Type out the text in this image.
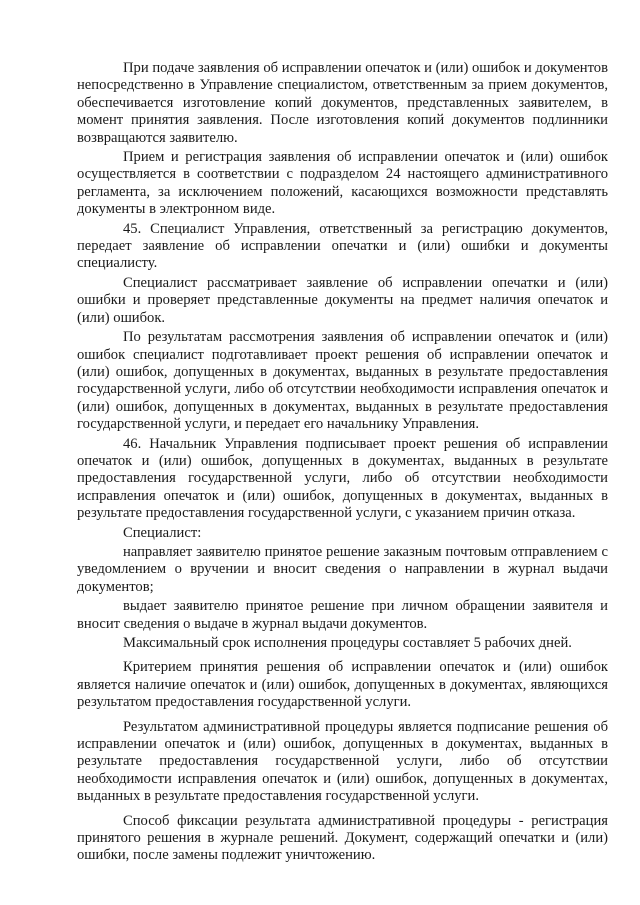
При подаче заявления об исправлении опечаток и (или) ошибок и документов непосредственно в Управление специалистом, ответственным за прием документов, обеспечивается изготовление копий документов, представленных заявителем, в момент принятия заявления. После изготовления копий документов подлинники возвращаются заявителю.

Прием и регистрация заявления об исправлении опечаток и (или) ошибок осуществляется в соответствии с подразделом 24 настоящего административного регламента, за исключением положений, касающихся возможности представлять документы в электронном виде.

45. Специалист Управления, ответственный за регистрацию документов, передает заявление об исправлении опечатки и (или) ошибки и документы специалисту.

Специалист рассматривает заявление об исправлении опечатки и (или) ошибки и проверяет представленные документы на предмет наличия опечаток и (или) ошибок.

По результатам рассмотрения заявления об исправлении опечаток и (или) ошибок специалист подготавливает проект решения об исправлении опечаток и (или) ошибок, допущенных в документах, выданных в результате предоставления государственной услуги, либо об отсутствии необходимости исправления опечаток и (или) ошибок, допущенных в документах, выданных в результате предоставления государственной услуги, и передает его начальнику Управления.

46. Начальник Управления подписывает проект решения об исправлении опечаток и (или) ошибок, допущенных в документах, выданных в результате предоставления государственной услуги, либо об отсутствии необходимости исправления опечаток и (или) ошибок, допущенных в документах, выданных в результате предоставления государственной услуги, с указанием причин отказа.

Специалист:

направляет заявителю принятое решение заказным почтовым отправлением с уведомлением о вручении и вносит сведения о направлении в журнал выдачи документов;

выдает заявителю принятое решение при личном обращении заявителя и вносит сведения о выдаче в журнал выдачи документов.

Максимальный срок исполнения процедуры составляет 5 рабочих дней.

Критерием принятия решения об исправлении опечаток и (или) ошибок является наличие опечаток и (или) ошибок, допущенных в документах, являющихся результатом предоставления государственной услуги.

Результатом административной процедуры является подписание решения об исправлении опечаток и (или) ошибок, допущенных в документах, выданных в результате предоставления государственной услуги, либо об отсутствии необходимости исправления опечаток и (или) ошибок, допущенных в документах, выданных в результате предоставления государственной услуги.

Способ фиксации результата административной процедуры - регистрация принятого решения в журнале решений. Документ, содержащий опечатки и (или) ошибки, после замены подлежит уничтожению.
